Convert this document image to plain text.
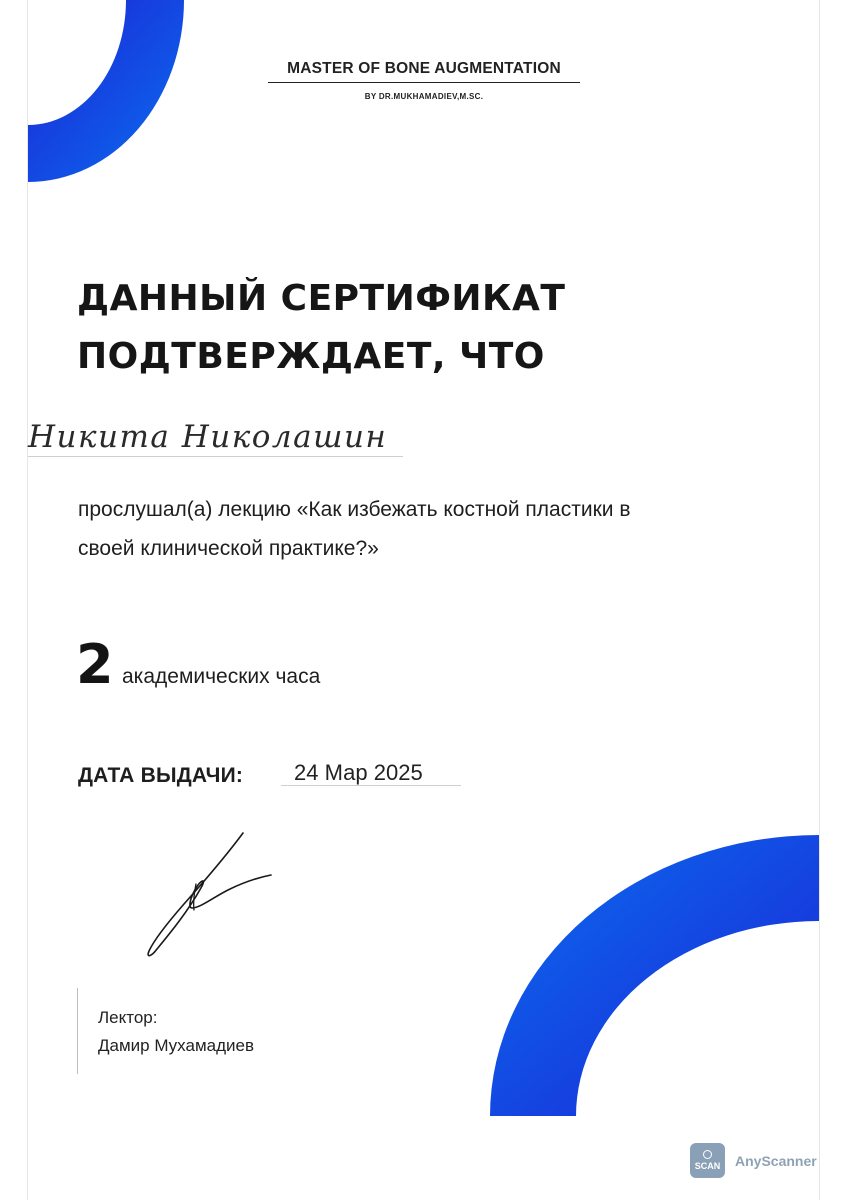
MASTER OF BONE AUGMENTATION
BY DR.MUKHAMADIEV,M.SC.
ДАННЫЙ СЕРТИФИКАТ
ПОДТВЕРЖДАЕТ, ЧТО
Никита Николашин

прослушал(а) лекцию «Как избежать костной пластики в своей клинической практике?»

2 академических часа
ДАТА ВЫДАЧИ:	24 Мар 2025
Лектор:
Дамир Мухамадиев
SCAN AnyScanner
